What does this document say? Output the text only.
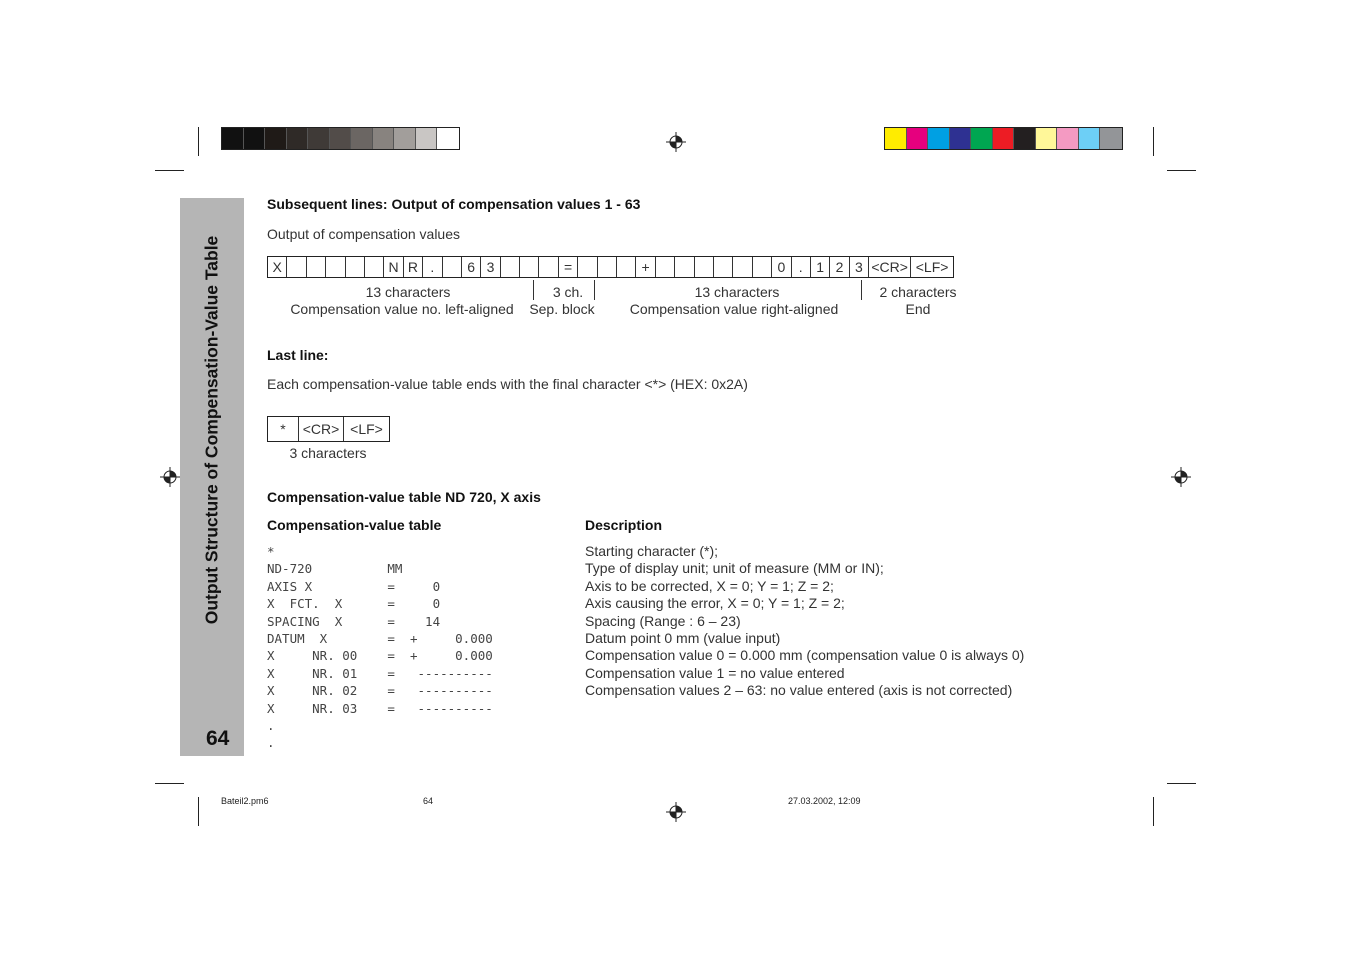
Output Structure of Compensation-Value Table
64
Subsequent lines: Output of compensation values 1 - 63
Output of compensation values
X	N R .	6 3	=	+	0 . 1 2 3 <CR> <LF>
13 characters
Compensation value no. left-aligned
3 ch.
Sep. block
13 characters
Compensation value right-aligned
2 characters
End
Last line:
Each compensation-value table ends with the final character <*> (HEX: 0x2A)
*	<CR> <LF>
3 characters
Compensation-value table ND 720, X axis
Compensation-value table	Description
*	Starting character (*);
ND-720          MM	Type of display unit; unit of measure (MM or IN);
AXIS X          =     0	Axis to be corrected, X = 0; Y = 1; Z = 2;
X  FCT.  X      =     0	Axis causing the error, X = 0; Y = 1; Z = 2;
SPACING  X      =    14	Spacing (Range : 6 – 23)
DATUM  X        =  +     0.000	Datum point 0 mm (value input)
X     NR. 00    =  +     0.000	Compensation value 0 = 0.000 mm (compensation value 0 is always 0)
X     NR. 01    =   ----------	Compensation value 1 = no value entered
X     NR. 02    =   ----------	Compensation values 2 – 63: no value entered (axis is not corrected)
X     NR. 03    =   ----------
.
.
Bateil2.pm6	64	27.03.2002, 12:09
